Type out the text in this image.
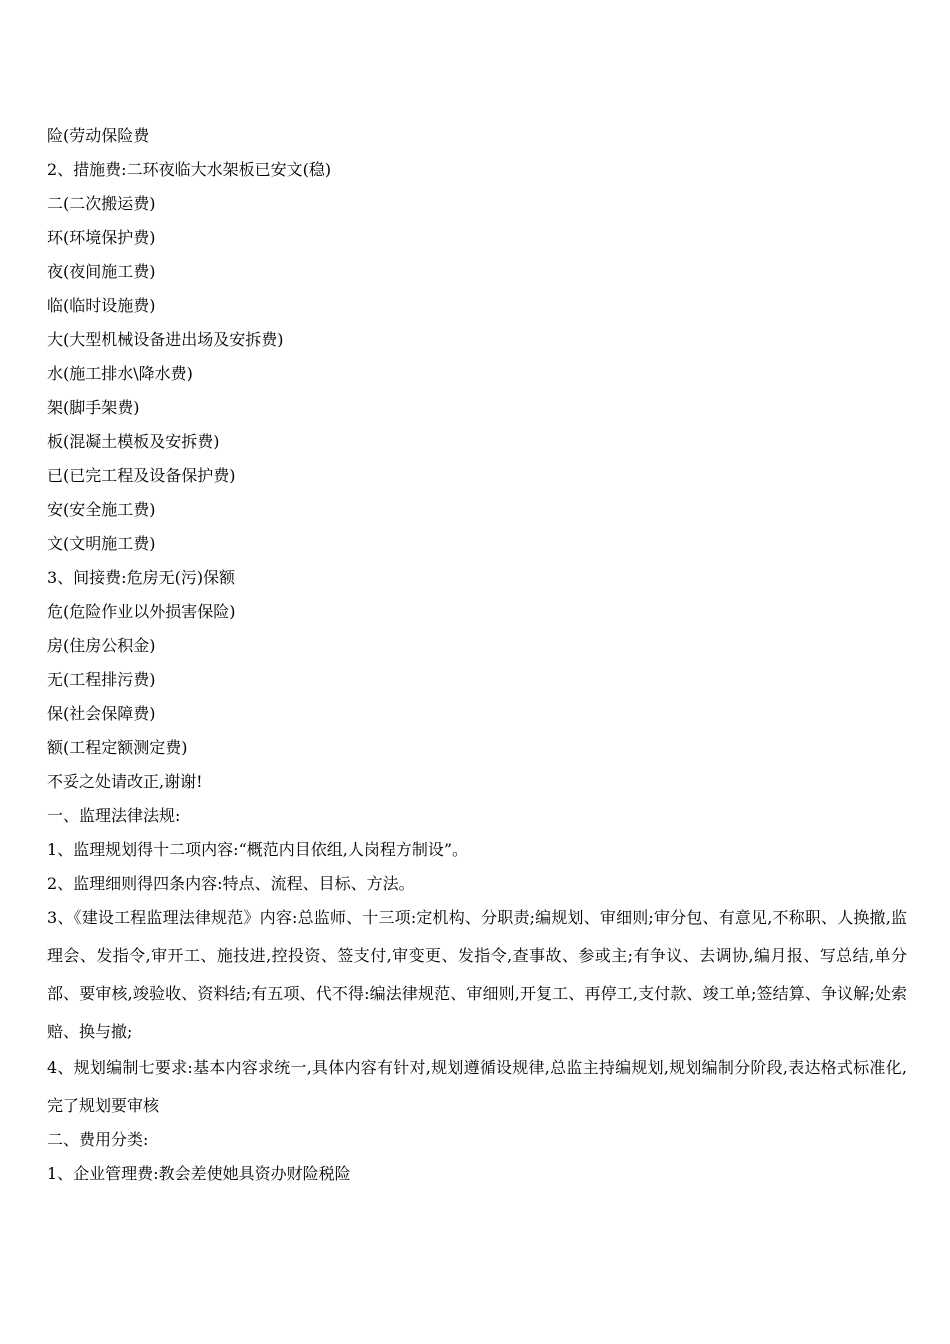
险(劳动保险费
2、措施费:二环夜临大水架板已安文(稳)
二(二次搬运费)
环(环境保护费)
夜(夜间施工费)
临(临时设施费)
大(大型机械设备进出场及安拆费)
水(施工排水\降水费)
架(脚手架费)
板(混凝土模板及安拆费)
已(已完工程及设备保护费)
安(安全施工费)
文(文明施工费)
3、间接费:危房无(污)保额
危(危险作业以外损害保险)
房(住房公积金)
无(工程排污费)
保(社会保障费)
额(工程定额测定费)
不妥之处请改正,谢谢!
一、监理法律法规:
1、监理规划得十二项内容:“概范内目依组,人岗程方制设”。
2、监理细则得四条内容:特点、流程、目标、方法。
3、《建设工程监理法律规范》内容:总监师、十三项:定机构、分职责;编规划、审细则;审分包、有意见,不称职、人换撤,监理会、发指令,审开工、施技进,控投资、签支付,审变更、发指令,查事故、参或主;有争议、去调协,编月报、写总结,单分部、要审核,竣验收、资料结;有五项、代不得:编法律规范、审细则,开复工、再停工,支付款、竣工单;签结算、争议解;处索赔、换与撤;
4、规划编制七要求:基本内容求统一,具体内容有针对,规划遵循设规律,总监主持编规划,规划编制分阶段,表达格式标准化,完了规划要审核
二、费用分类:
1、企业管理费:教会差使她具资办财险税险
